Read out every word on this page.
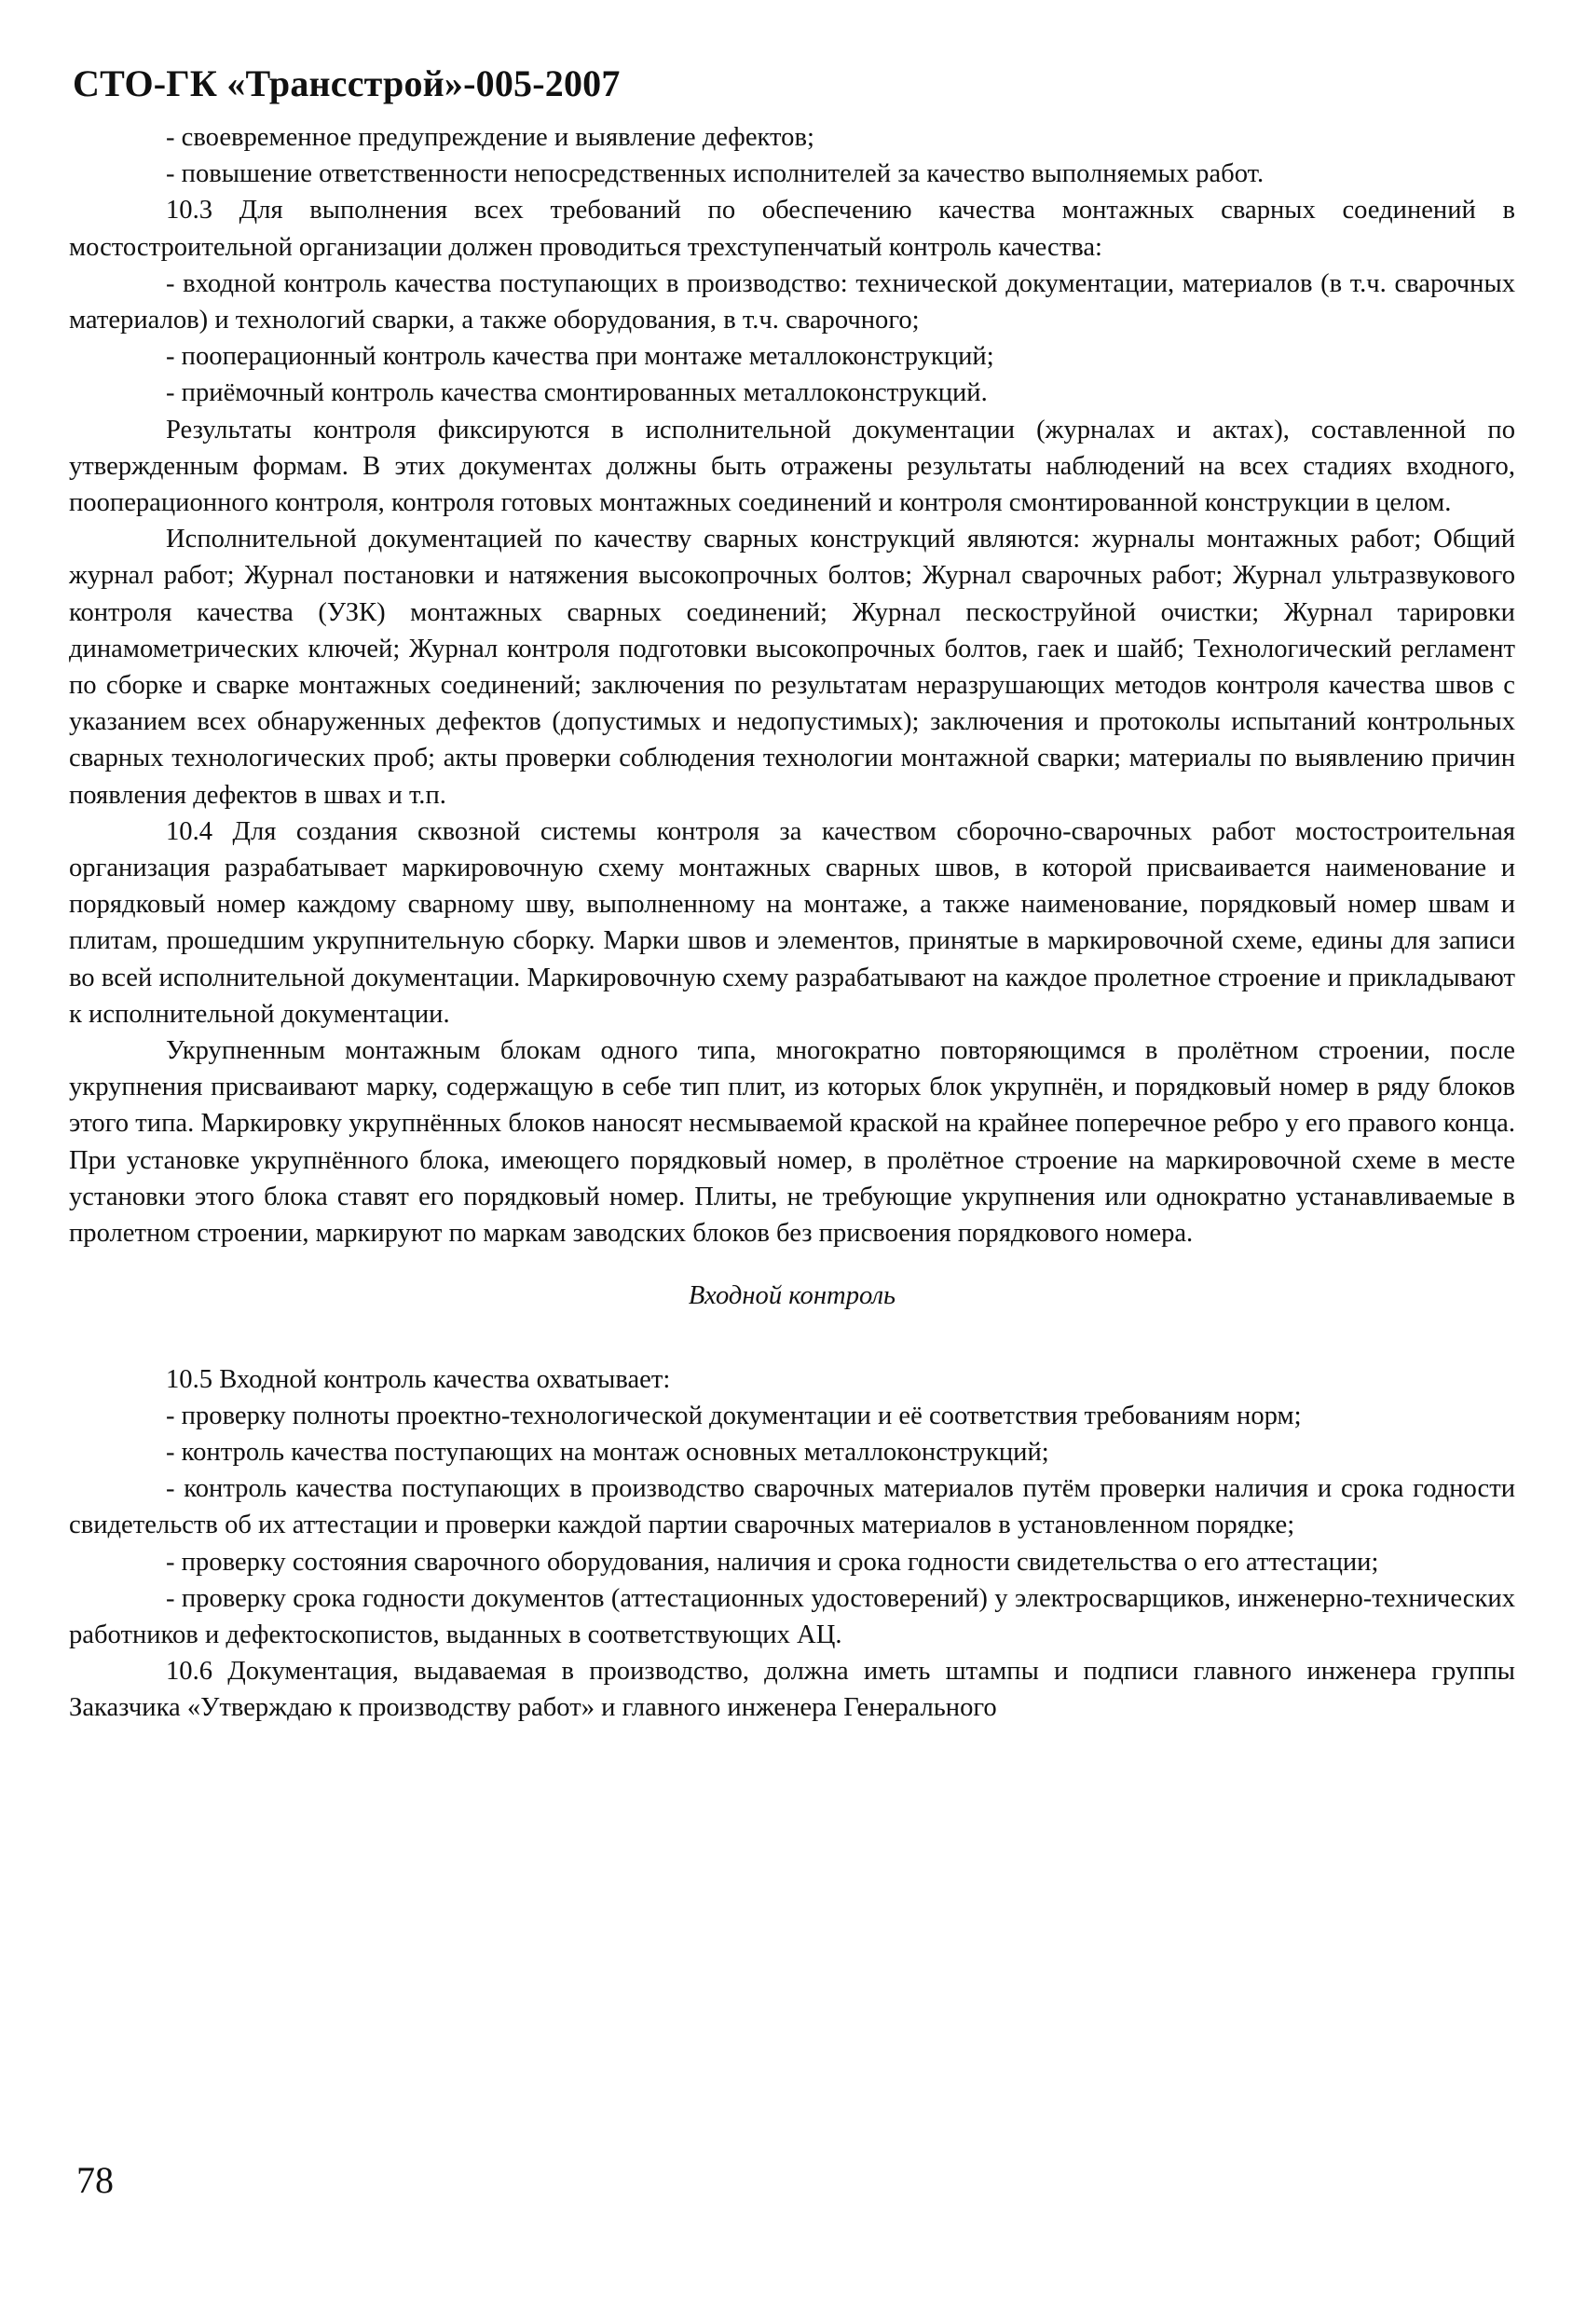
СТО-ГК «Трансстрой»-005-2007

- своевременное предупреждение и выявление дефектов;

- повышение ответственности непосредственных исполнителей за качество выполняемых работ.

10.3 Для выполнения всех требований по обеспечению качества монтажных сварных соединений в мостостроительной организации должен проводиться трехступенчатый контроль качества:

- входной контроль качества поступающих в производство: технической документации, материалов (в т.ч. сварочных материалов) и технологий сварки, а также оборудования, в т.ч. сварочного;

- пооперационный контроль качества при монтаже металлоконструкций;

- приёмочный контроль качества смонтированных металлоконструкций.

Результаты контроля фиксируются в исполнительной документации (журналах и актах), составленной по утвержденным формам. В этих документах должны быть отражены результаты наблюдений на всех стадиях входного, пооперационного контроля, контроля готовых монтажных соединений и контроля смонтированной конструкции в целом.

Исполнительной документацией по качеству сварных конструкций являются: журналы монтажных работ; Общий журнал работ; Журнал постановки и натяжения высокопрочных болтов; Журнал сварочных работ; Журнал ультразвукового контроля качества (УЗК) монтажных сварных соединений; Журнал пескоструйной очистки; Журнал тарировки динамометрических ключей; Журнал контроля подготовки высокопрочных болтов, гаек и шайб; Технологический регламент по сборке и сварке монтажных соединений; заключения по результатам неразрушающих методов контроля качества швов с указанием всех обнаруженных дефектов (допустимых и недопустимых); заключения и протоколы испытаний контрольных сварных технологических проб; акты проверки соблюдения технологии монтажной сварки; материалы по выявлению причин появления дефектов в швах и т.п.

10.4 Для создания сквозной системы контроля за качеством сборочно-сварочных работ мостостроительная организация разрабатывает маркировочную схему монтажных сварных швов, в которой присваивается наименование и порядковый номер каждому сварному шву, выполненному на монтаже, а также наименование, порядковый номер швам и плитам, прошедшим укрупнительную сборку. Марки швов и элементов, принятые в маркировочной схеме, едины для записи во всей исполнительной документации. Маркировочную схему разрабатывают на каждое пролетное строение и прикладывают к исполнительной документации.

Укрупненным монтажным блокам одного типа, многократно повторяющимся в пролётном строении, после укрупнения присваивают марку, содержащую в себе тип плит, из которых блок укрупнён, и порядковый номер в ряду блоков этого типа. Маркировку укрупнённых блоков наносят несмываемой краской на крайнее поперечное ребро у его правого конца. При установке укрупнённого блока, имеющего порядковый номер, в пролётное строение на маркировочной схеме в месте установки этого блока ставят его порядковый номер. Плиты, не требующие укрупнения или однократно устанавливаемые в пролетном строении, маркируют по маркам заводских блоков без присвоения порядкового номера.

Входной контроль

10.5 Входной контроль качества охватывает:

- проверку полноты проектно-технологической документации и её соответствия требованиям норм;

- контроль качества поступающих на монтаж основных металлоконструкций;

- контроль качества поступающих в производство сварочных материалов путём проверки наличия и срока годности свидетельств об их аттестации и проверки каждой партии сварочных материалов в установленном порядке;

- проверку состояния сварочного оборудования, наличия и срока годности свидетельства о его аттестации;

- проверку срока годности документов (аттестационных удостоверений) у электросварщиков, инженерно-технических работников и дефектоскопистов, выданных в соответствующих АЦ.

10.6 Документация, выдаваемая в производство, должна иметь штампы и подписи главного инженера группы Заказчика «Утверждаю к производству работ» и главного инженера Генерального

78
